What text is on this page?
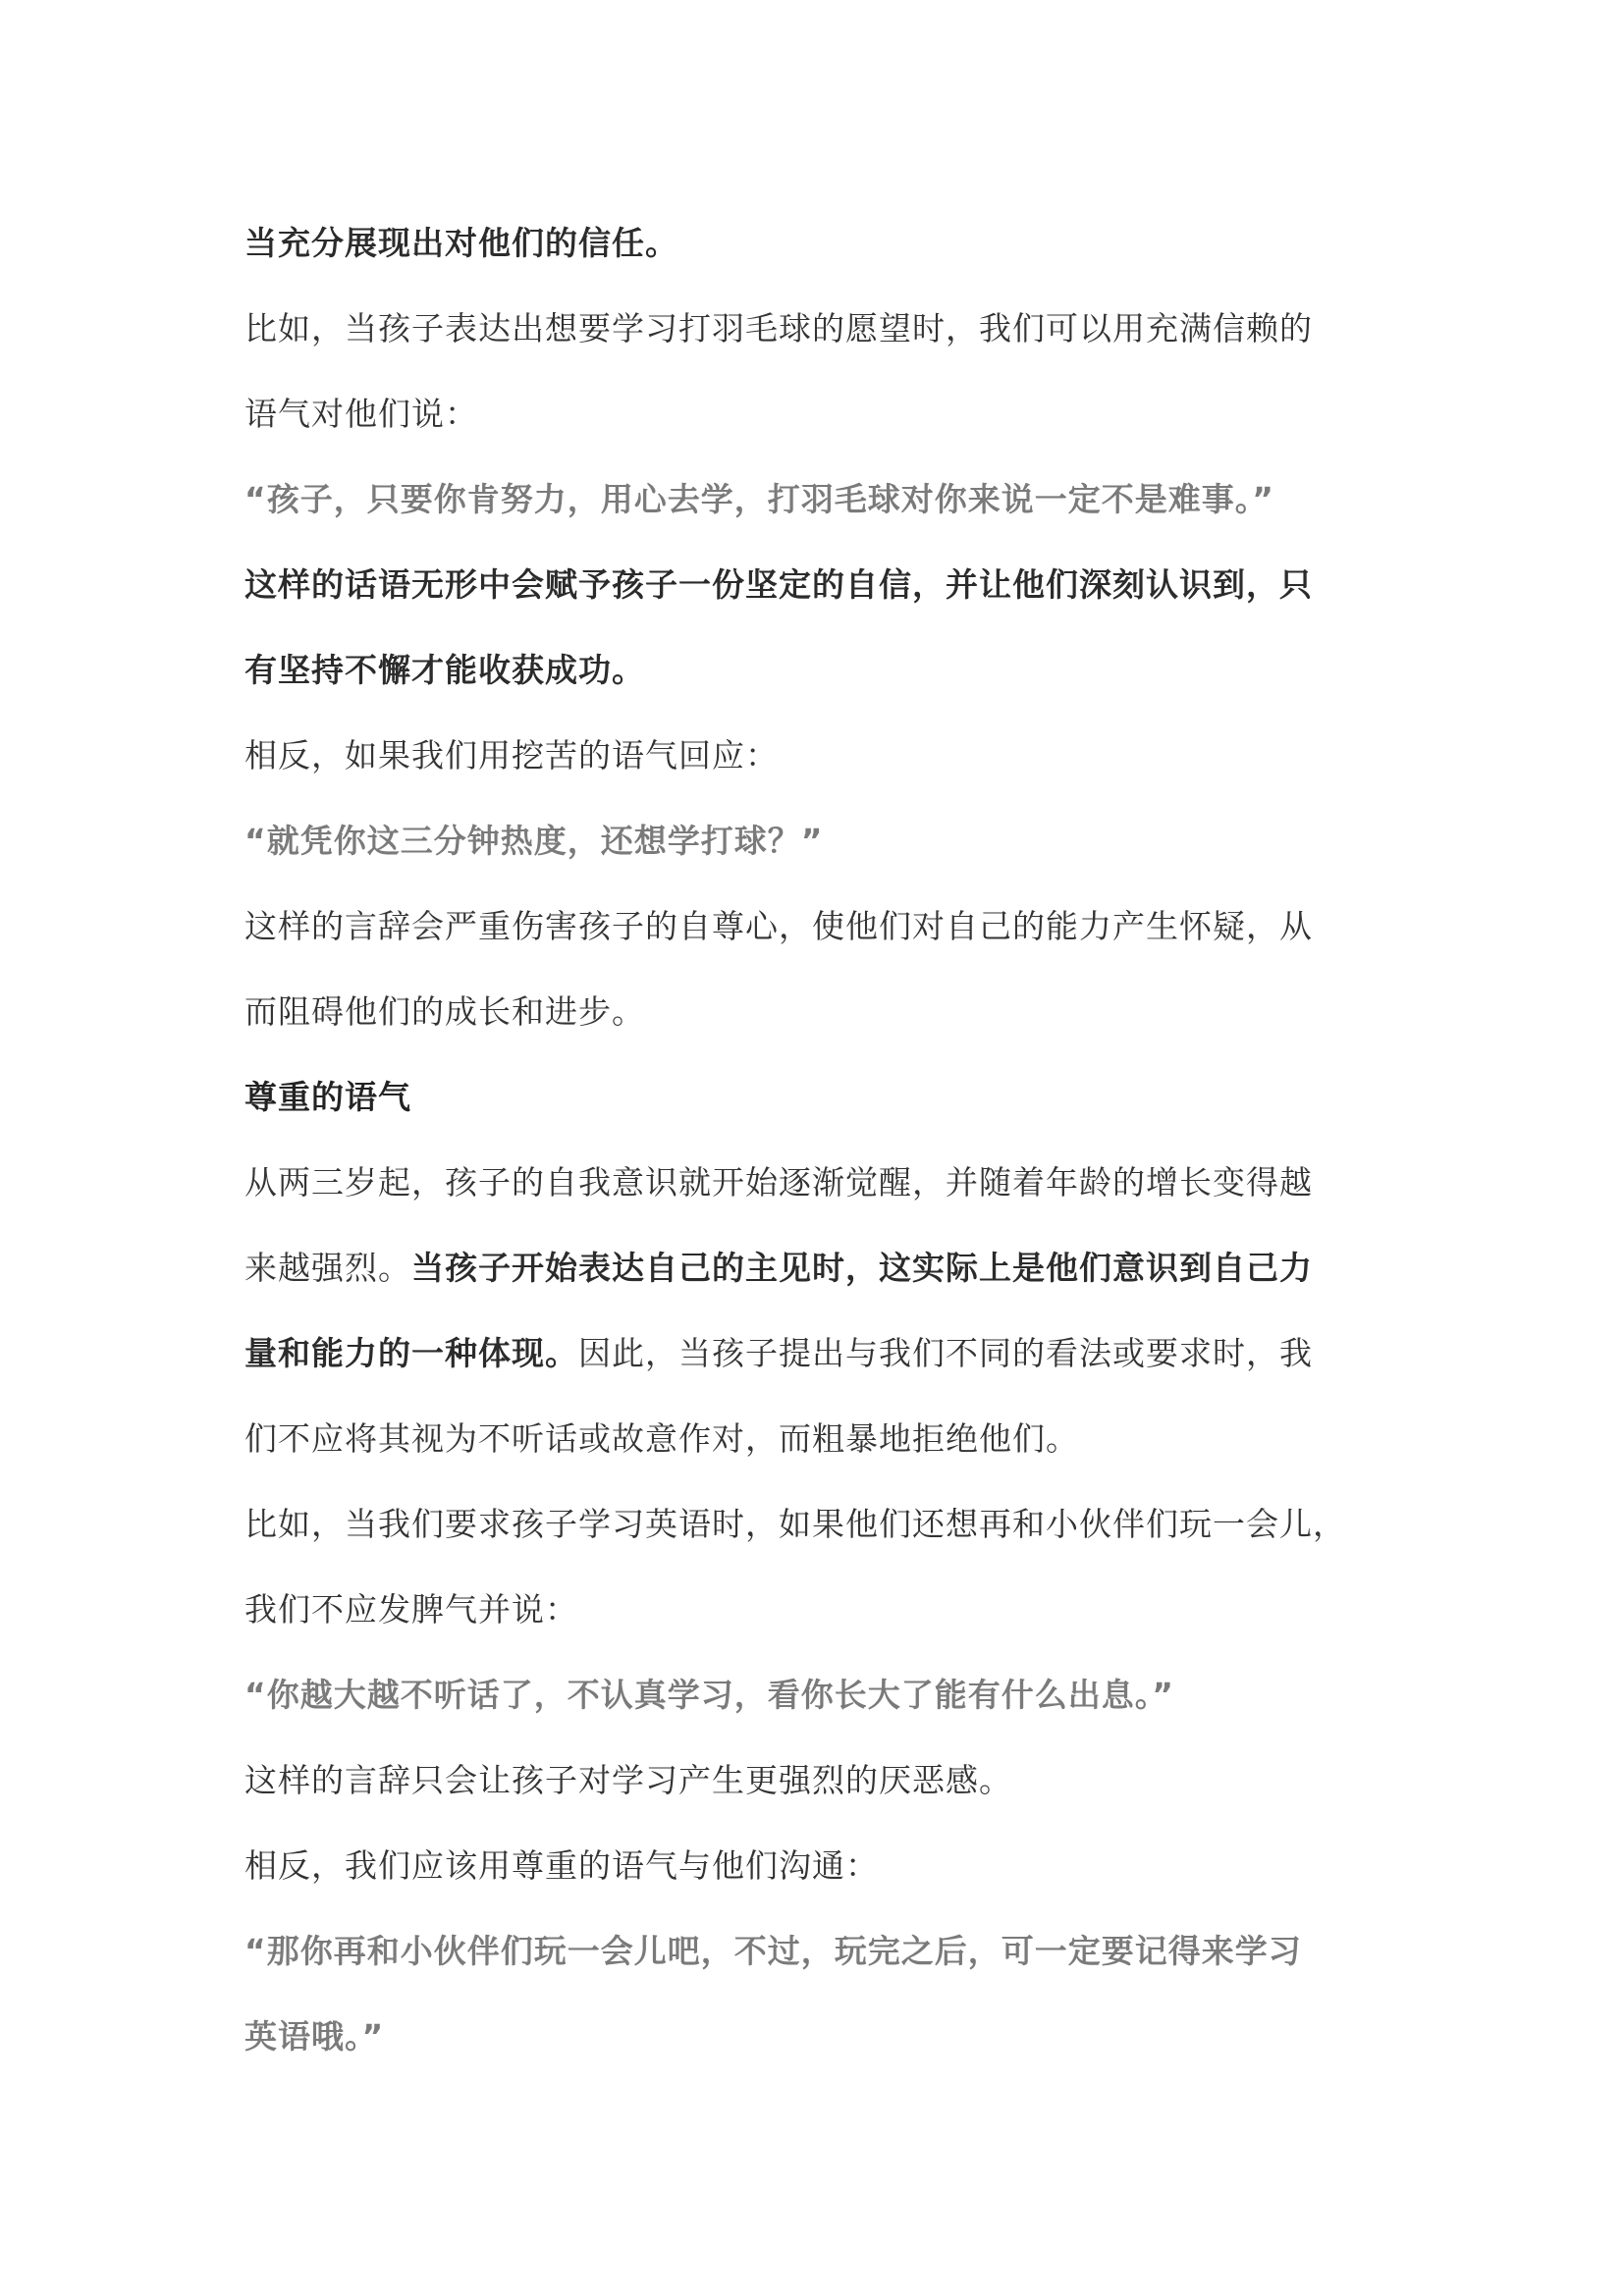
当充分展现出对他们的信任。
比如，当孩子表达出想要学习打羽毛球的愿望时，我们可以用充满信赖的
语气对他们说：
“孩子，只要你肯努力，用心去学，打羽毛球对你来说一定不是难事。”
这样的话语无形中会赋予孩子一份坚定的自信，并让他们深刻认识到，只
有坚持不懈才能收获成功。
相反，如果我们用挖苦的语气回应：
“就凭你这三分钟热度，还想学打球？”
这样的言辞会严重伤害孩子的自尊心，使他们对自己的能力产生怀疑，从
而阻碍他们的成长和进步。
尊重的语气
从两三岁起，孩子的自我意识就开始逐渐觉醒，并随着年龄的增长变得越
来越强烈。当孩子开始表达自己的主见时，这实际上是他们意识到自己力
量和能力的一种体现。因此，当孩子提出与我们不同的看法或要求时，我
们不应将其视为不听话或故意作对，而粗暴地拒绝他们。
比如，当我们要求孩子学习英语时，如果他们还想再和小伙伴们玩一会儿，
我们不应发脾气并说：
“你越大越不听话了，不认真学习，看你长大了能有什么出息。”
这样的言辞只会让孩子对学习产生更强烈的厌恶感。
相反，我们应该用尊重的语气与他们沟通：
“那你再和小伙伴们玩一会儿吧，不过，玩完之后，可一定要记得来学习
英语哦。”
